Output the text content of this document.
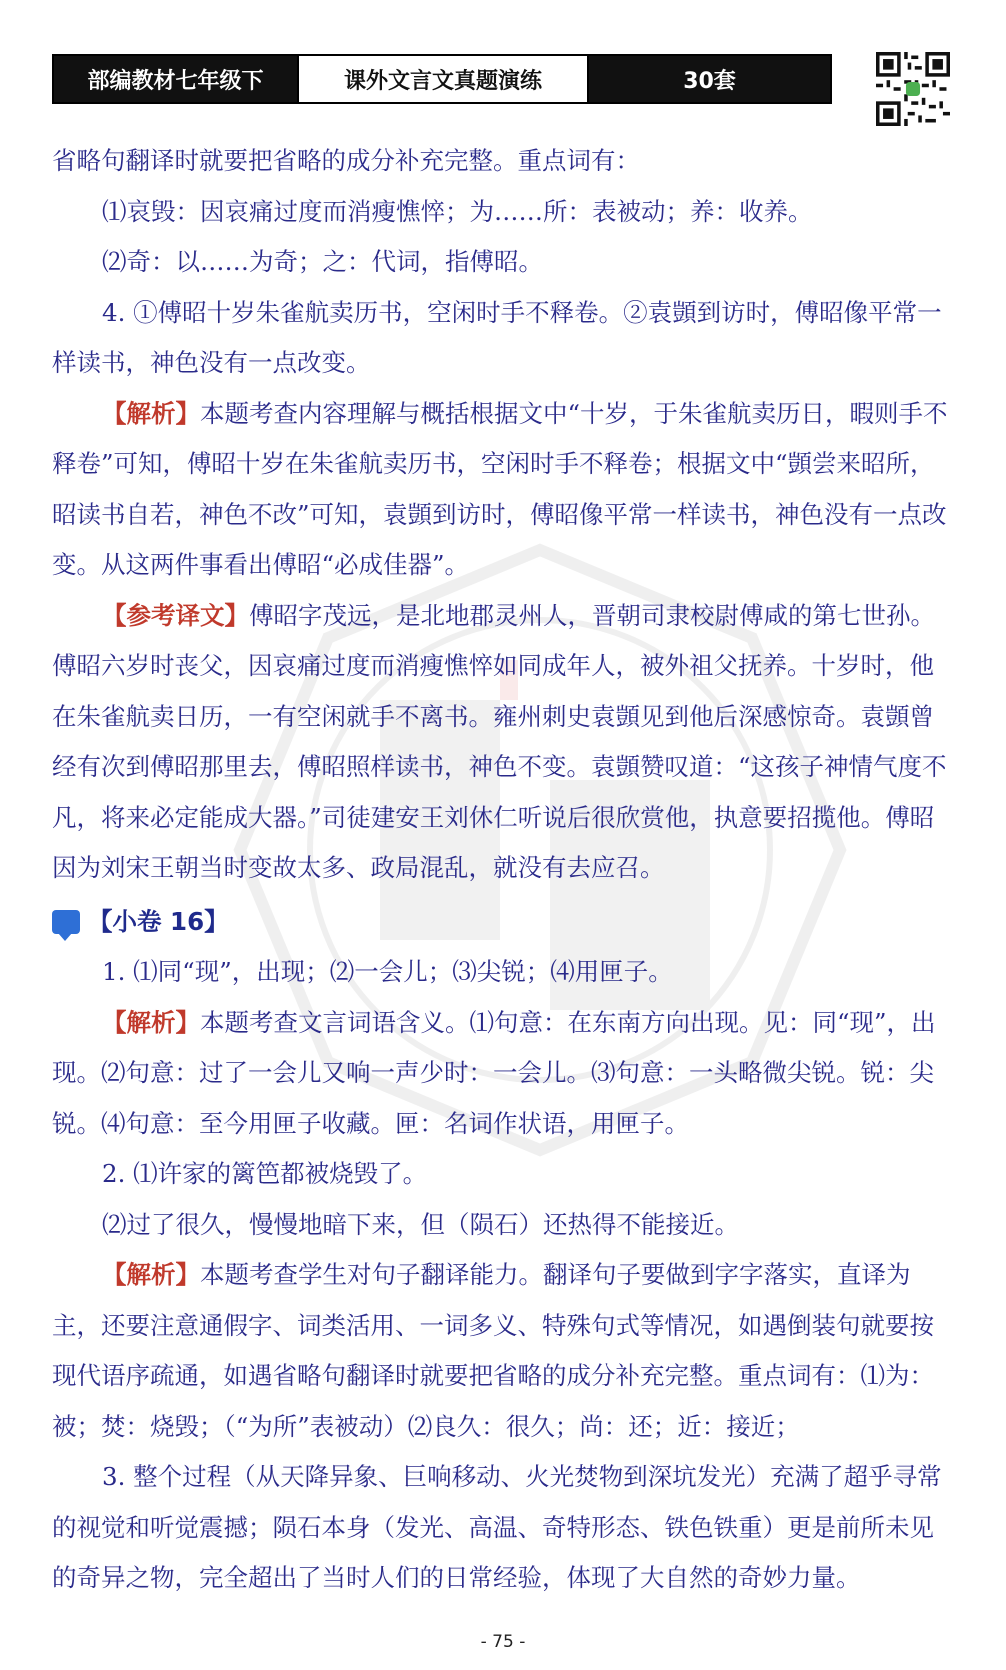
部编教材七年级下	课外文言文真题演练	30套

省略句翻译时就要把省略的成分补充完整。重点词有：

⑴哀毁：因哀痛过度而消瘦憔悴；为……所：表被动；养：收养。

⑵奇：以……为奇；之：代词，指傅昭。

4. ①傅昭十岁朱雀航卖历书，空闲时手不释卷。②袁顗到访时，傅昭像平常一样读书，神色没有一点改变。

【解析】本题考查内容理解与概括根据文中“十岁，于朱雀航卖历日，暇则手不释卷”可知，傅昭十岁在朱雀航卖历书，空闲时手不释卷；根据文中“顗尝来昭所，昭读书自若，神色不改”可知，袁顗到访时，傅昭像平常一样读书，神色没有一点改变。从这两件事看出傅昭“必成佳器”。

【参考译文】傅昭字茂远，是北地郡灵州人，晋朝司隶校尉傅咸的第七世孙。傅昭六岁时丧父，因哀痛过度而消瘦憔悴如同成年人，被外祖父抚养。十岁时，他在朱雀航卖日历，一有空闲就手不离书。雍州刺史袁顗见到他后深感惊奇。袁顗曾经有次到傅昭那里去，傅昭照样读书，神色不变。袁顗赞叹道：“这孩子神情气度不凡，将来必定能成大器。”司徒建安王刘休仁听说后很欣赏他，执意要招揽他。傅昭因为刘宋王朝当时变故太多、政局混乱，就没有去应召。

【小卷 16】

1. ⑴同“现”，出现；⑵一会儿；⑶尖锐；⑷用匣子。

【解析】本题考查文言词语含义。⑴句意：在东南方向出现。见：同“现”，出现。⑵句意：过了一会儿又响一声少时：一会儿。⑶句意：一头略微尖锐。锐：尖锐。⑷句意：至今用匣子收藏。匣：名词作状语，用匣子。

2. ⑴许家的篱笆都被烧毁了。

⑵过了很久，慢慢地暗下来，但（陨石）还热得不能接近。

【解析】本题考查学生对句子翻译能力。翻译句子要做到字字落实，直译为主，还要注意通假字、词类活用、一词多义、特殊句式等情况，如遇倒装句就要按现代语序疏通，如遇省略句翻译时就要把省略的成分补充完整。重点词有：⑴为：被；焚：烧毁；（“为所”表被动）⑵良久：很久；尚：还；近：接近；

3. 整个过程（从天降异象、巨响移动、火光焚物到深坑发光）充满了超乎寻常的视觉和听觉震撼；陨石本身（发光、高温、奇特形态、铁色铁重）更是前所未见的奇异之物，完全超出了当时人们的日常经验，体现了大自然的奇妙力量。

- 75 -
